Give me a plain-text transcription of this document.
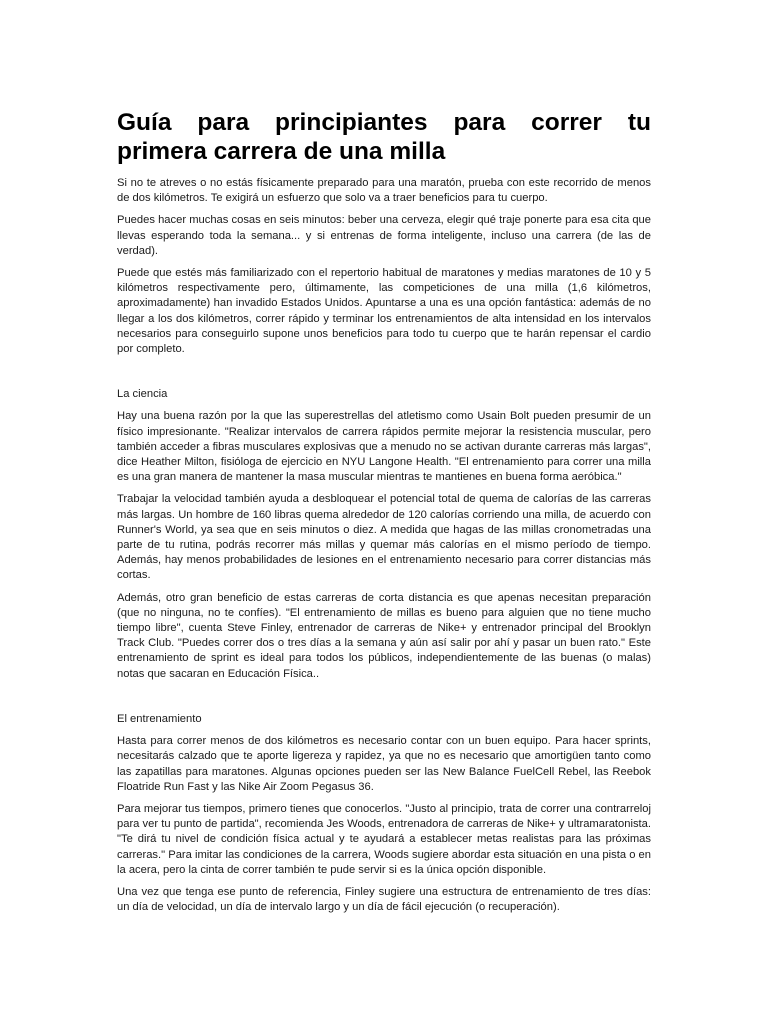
Guía para principiantes para correr tu primera carrera de una milla

Si no te atreves o no estás físicamente preparado para una maratón, prueba con este recorrido de menos de dos kilómetros. Te exigirá un esfuerzo que solo va a traer beneficios para tu cuerpo.

Puedes hacer muchas cosas en seis minutos: beber una cerveza, elegir qué traje ponerte para esa cita que llevas esperando toda la semana... y si entrenas de forma inteligente, incluso una carrera (de las de verdad).

Puede que estés más familiarizado con el repertorio habitual de maratones y medias maratones de 10 y 5 kilómetros respectivamente pero, últimamente, las competiciones de una milla (1,6 kilómetros, aproximadamente) han invadido Estados Unidos. Apuntarse a una es una opción fantástica: además de no llegar a los dos kilómetros, correr rápido y terminar los entrenamientos de alta intensidad en los intervalos necesarios para conseguirlo supone unos beneficios para todo tu cuerpo que te harán repensar el cardio por completo.

La ciencia

Hay una buena razón por la que las superestrellas del atletismo como Usain Bolt pueden presumir de un físico impresionante. "Realizar intervalos de carrera rápidos permite mejorar la resistencia muscular, pero también acceder a fibras musculares explosivas que a menudo no se activan durante carreras más largas", dice Heather Milton, fisióloga de ejercicio en NYU Langone Health. "El entrenamiento para correr una milla es una gran manera de mantener la masa muscular mientras te mantienes en buena forma aeróbica."

Trabajar la velocidad también ayuda a desbloquear el potencial total de quema de calorías de las carreras más largas. Un hombre de 160 libras quema alrededor de 120 calorías corriendo una milla, de acuerdo con Runner's World, ya sea que en seis minutos o diez. A medida que hagas de las millas cronometradas una parte de tu rutina, podrás recorrer más millas y quemar más calorías en el mismo período de tiempo. Además, hay menos probabilidades de lesiones en el entrenamiento necesario para correr distancias más cortas.

Además, otro gran beneficio de estas carreras de corta distancia es que apenas necesitan preparación (que no ninguna, no te confíes). "El entrenamiento de millas es bueno para alguien que no tiene mucho tiempo libre", cuenta Steve Finley, entrenador de carreras de Nike+ y entrenador principal del Brooklyn Track Club. "Puedes correr dos o tres días a la semana y aún así salir por ahí y pasar un buen rato." Este entrenamiento de sprint es ideal para todos los públicos, independientemente de las buenas (o malas) notas que sacaran en Educación Física..

El entrenamiento

Hasta para correr menos de dos kilómetros es necesario contar con un buen equipo. Para hacer sprints, necesitarás calzado que te aporte ligereza y rapidez, ya que no es necesario que amortigüen tanto como las zapatillas para maratones. Algunas opciones pueden ser las New Balance FuelCell Rebel, las Reebok Floatride Run Fast y las Nike Air Zoom Pegasus 36.

Para mejorar tus tiempos, primero tienes que conocerlos. "Justo al principio, trata de correr una contrarreloj para ver tu punto de partida", recomienda Jes Woods, entrenadora de carreras de Nike+ y ultramaratonista. "Te dirá tu nivel de condición física actual y te ayudará a establecer metas realistas para las próximas carreras." Para imitar las condiciones de la carrera, Woods sugiere abordar esta situación en una pista o en la acera, pero la cinta de correr también te pude servir si es la única opción disponible.

Una vez que tenga ese punto de referencia, Finley sugiere una estructura de entrenamiento de tres días: un día de velocidad, un día de intervalo largo y un día de fácil ejecución (o recuperación).
